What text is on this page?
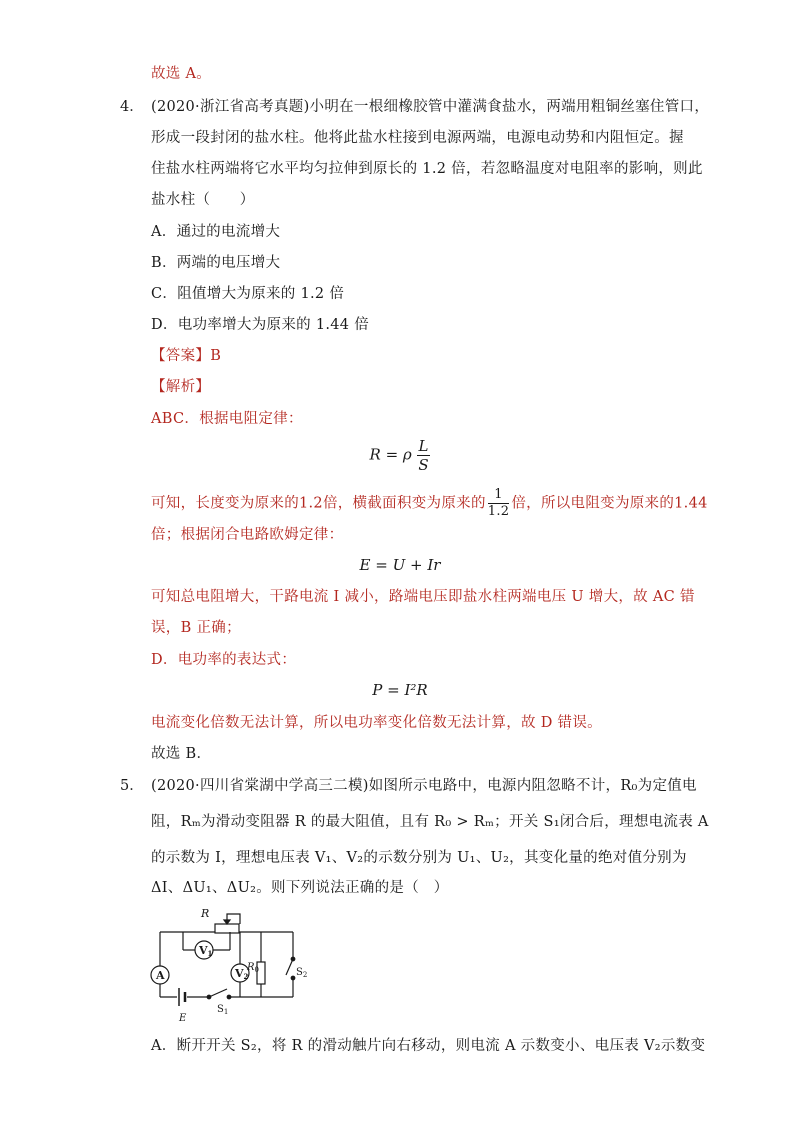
故选 A。
4． (2020·浙江省高考真题)小明在一根细橡胶管中灌满食盐水，两端用粗铜丝塞住管口，
形成一段封闭的盐水柱。他将此盐水柱接到电源两端，电源电动势和内阻恒定。握
住盐水柱两端将它水平均匀拉伸到原长的 1.2 倍，若忽略温度对电阻率的影响，则此
盐水柱（　　）
A．通过的电流增大
B．两端的电压增大
C．阻值增大为原来的 1.2 倍
D．电功率增大为原来的 1.44 倍
【答案】B
【解析】
ABC．根据电阻定律：
R = ρ $\frac{L}{S}$
可知，长度变为原来的1.2倍，横截面积变为原来的 $\frac{1}{1.2}$ 倍，所以电阻变为原来的1.44
倍；根据闭合电路欧姆定律：
E = U + Ir
可知总电阻增大，干路电流 I 减小，路端电压即盐水柱两端电压 U 增大，故 AC 错
误，B 正确；
D．电功率的表达式：
P = I²R
电流变化倍数无法计算，所以电功率变化倍数无法计算，故 D 错误。
故选 B．
5． (2020·四川省棠湖中学高三二模)如图所示电路中，电源内阻忽略不计，R₀为定值电
阻，Rₘ为滑动变阻器 R 的最大阻值，且有 R₀ > Rₘ；开关 S₁闭合后，理想电流表 A
的示数为 I，理想电压表 V₁、V₂的示数分别为 U₁、U₂，其变化量的绝对值分别为
ΔI、ΔU₁、ΔU₂。则下列说法正确的是（　）
R
V1
V2
A
$R_0$	$S_2$
$S_1$
E
A．断开开关 S₂，将 R 的滑动触片向右移动，则电流 A 示数变小、电压表 V₂示数变
